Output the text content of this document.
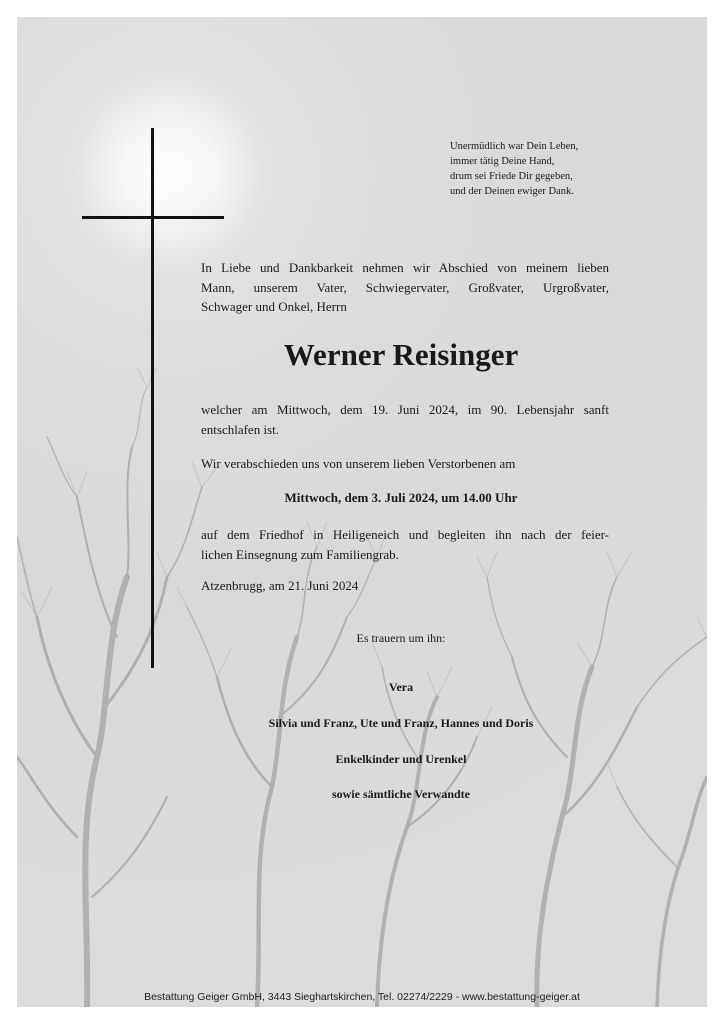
Unermüdlich war Dein Leben,
immer tätig Deine Hand,
drum sei Friede Dir gegeben,
und der Deinen ewiger Dank.
In Liebe und Dankbarkeit nehmen wir Abschied von meinem lieben
Mann, unserem Vater, Schwiegervater, Großvater, Urgroßvater,
Schwager und Onkel, Herrn
Werner Reisinger
welcher am Mittwoch, dem 19. Juni 2024, im 90. Lebensjahr sanft
entschlafen ist.
Wir verabschieden uns von unserem lieben Verstorbenen am
Mittwoch, dem 3. Juli 2024, um 14.00 Uhr
auf dem Friedhof in Heiligeneich und begleiten ihn nach der feier-
lichen Einsegnung zum Familiengrab.
Atzenbrugg, am 21. Juni 2024
Es trauern um ihn:
Vera
Silvia und Franz, Ute und Franz, Hannes und Doris
Enkelkinder und Urenkel
sowie sämtliche Verwandte
Bestattung Geiger GmbH, 3443 Sieghartskirchen, Tel. 02274/2229 - www.bestattung-geiger.at
